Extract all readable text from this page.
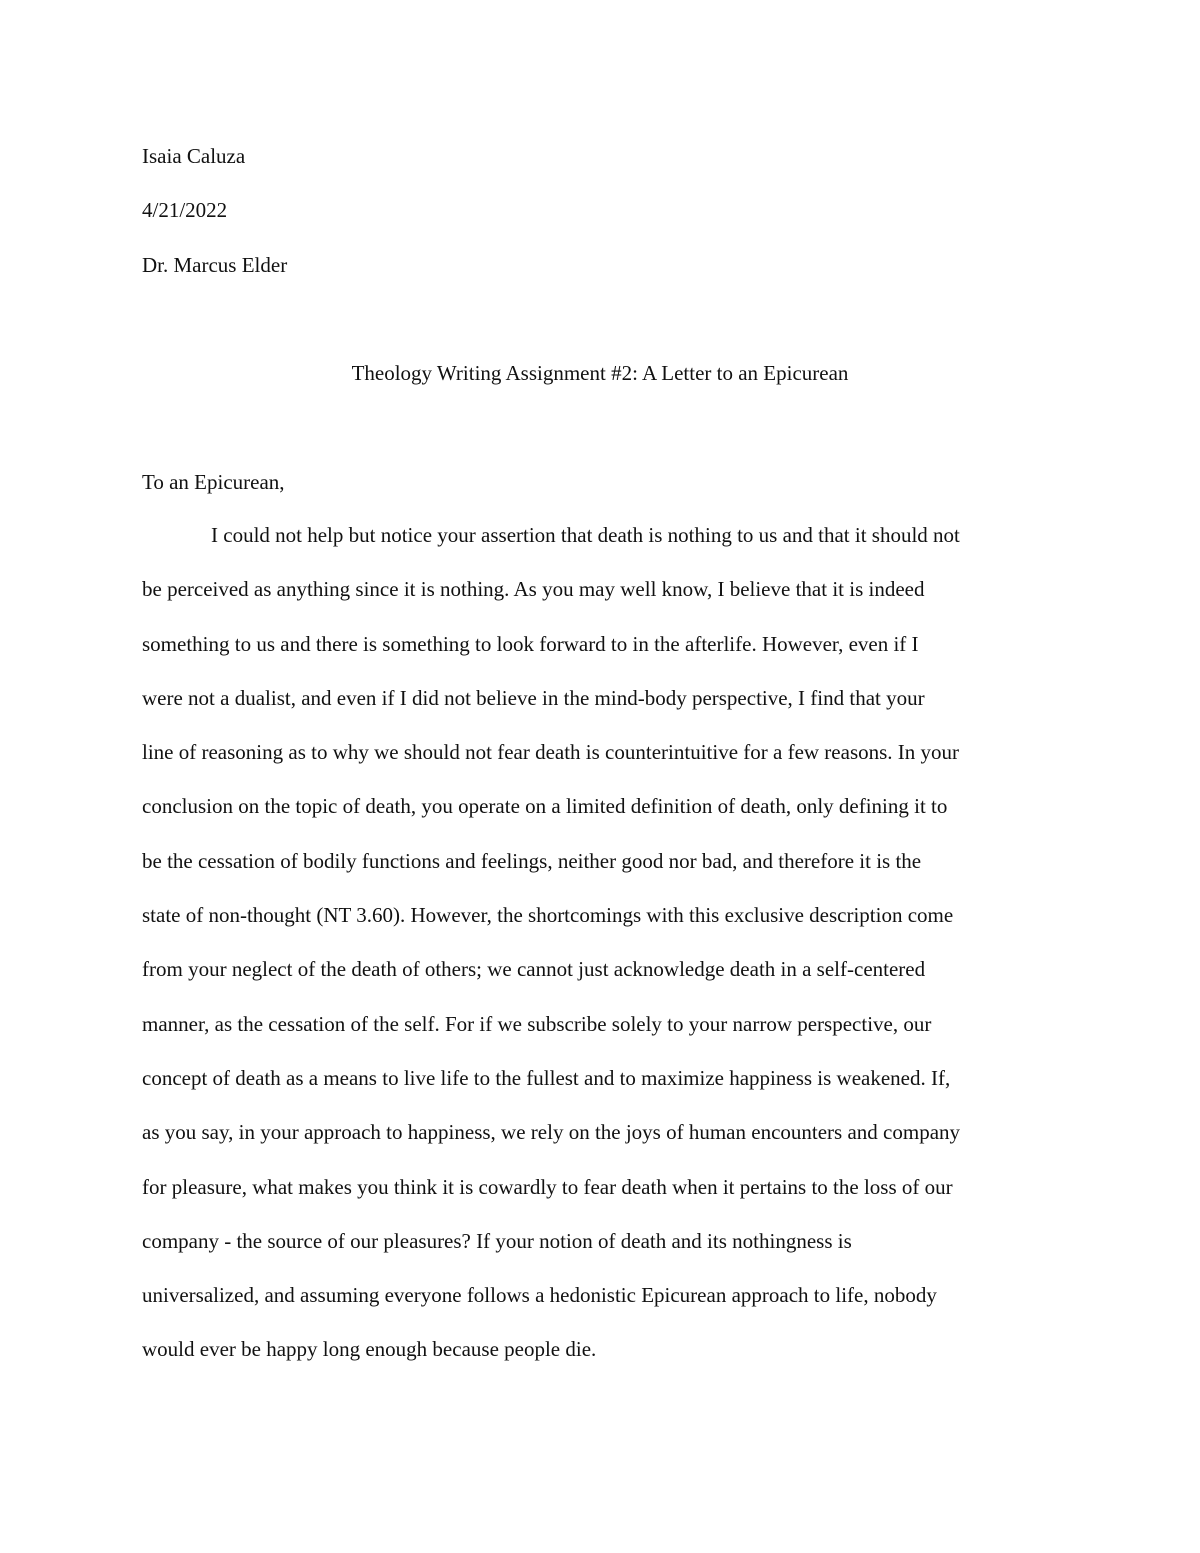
Isaia Caluza

4/21/2022

Dr. Marcus Elder

Theology Writing Assignment #2: A Letter to an Epicurean

To an Epicurean,

I could not help but notice your assertion that death is nothing to us and that it should not
be perceived as anything since it is nothing. As you may well know, I believe that it is indeed
something to us and there is something to look forward to in the afterlife. However, even if I
were not a dualist, and even if I did not believe in the mind-body perspective, I find that your
line of reasoning as to why we should not fear death is counterintuitive for a few reasons. In your
conclusion on the topic of death, you operate on a limited definition of death, only defining it to
be the cessation of bodily functions and feelings, neither good nor bad, and therefore it is the
state of non-thought (NT 3.60). However, the shortcomings with this exclusive description come
from your neglect of the death of others; we cannot just acknowledge death in a self-centered
manner, as the cessation of the self. For if we subscribe solely to your narrow perspective, our
concept of death as a means to live life to the fullest and to maximize happiness is weakened. If,
as you say, in your approach to happiness, we rely on the joys of human encounters and company
for pleasure, what makes you think it is cowardly to fear death when it pertains to the loss of our
company - the source of our pleasures? If your notion of death and its nothingness is
universalized, and assuming everyone follows a hedonistic Epicurean approach to life, nobody
would ever be happy long enough because people die.
